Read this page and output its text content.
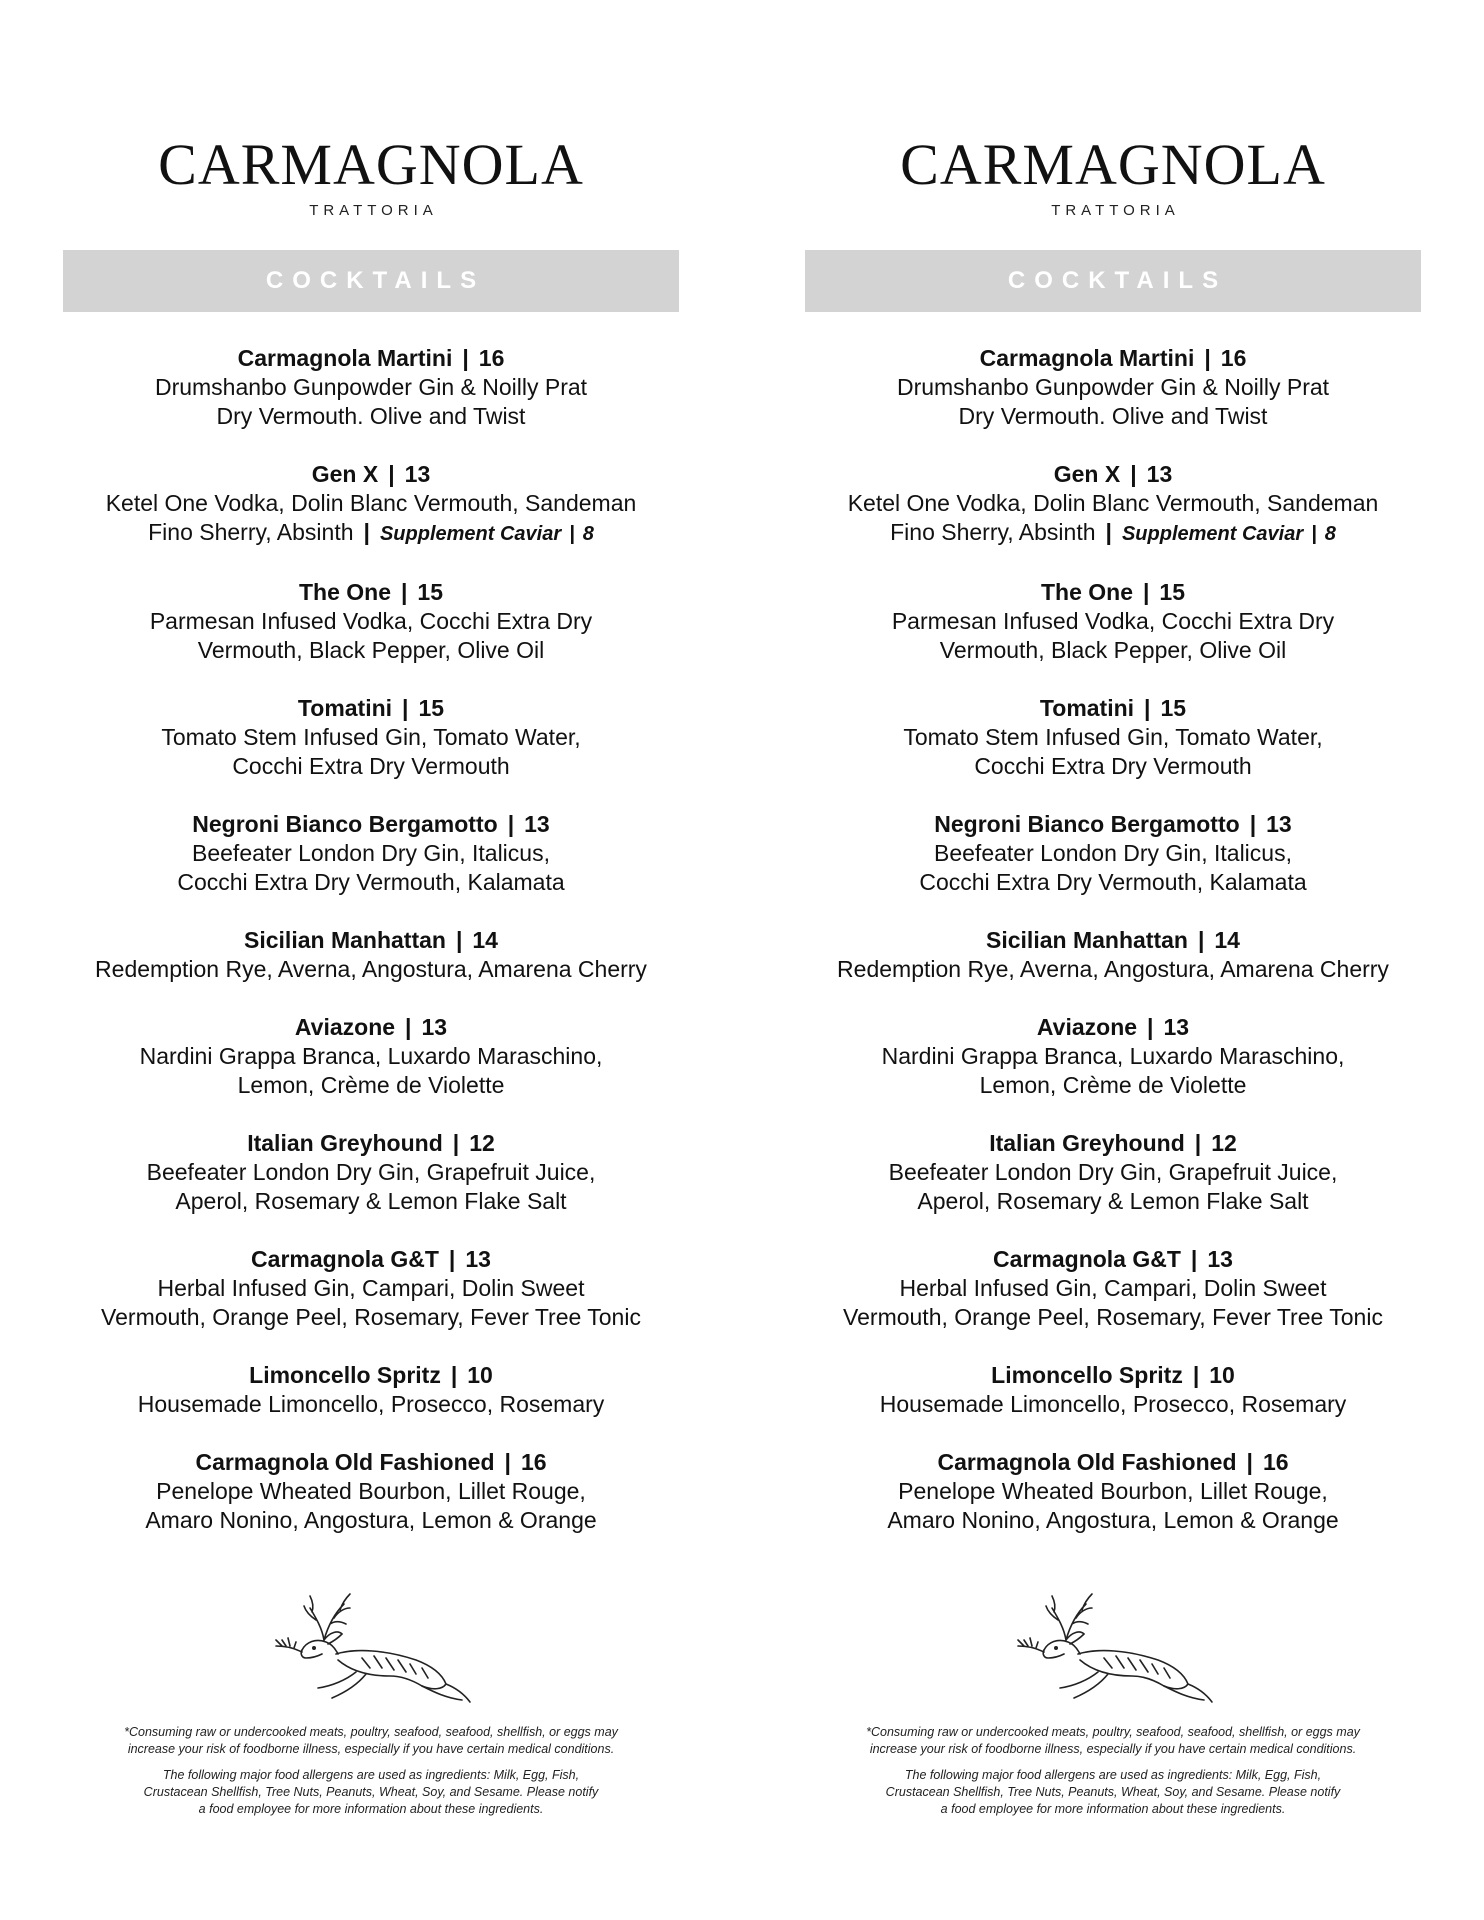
CARMAGNOLA
TRATTORIA
COCKTAILS
Carmagnola Martini | 16
Drumshanbo Gunpowder Gin & Noilly Prat
Dry Vermouth. Olive and Twist
Gen X | 13
Ketel One Vodka, Dolin Blanc Vermouth, Sandeman
Fino Sherry, Absinth | Supplement Caviar | 8
The One | 15
Parmesan Infused Vodka, Cocchi Extra Dry
Vermouth, Black Pepper, Olive Oil
Tomatini | 15
Tomato Stem Infused Gin, Tomato Water,
Cocchi Extra Dry Vermouth
Negroni Bianco Bergamotto | 13
Beefeater London Dry Gin, Italicus,
Cocchi Extra Dry Vermouth, Kalamata
Sicilian Manhattan | 14
Redemption Rye, Averna, Angostura, Amarena Cherry
Aviazone | 13
Nardini Grappa Branca, Luxardo Maraschino,
Lemon, Crème de Violette
Italian Greyhound | 12
Beefeater London Dry Gin, Grapefruit Juice,
Aperol, Rosemary & Lemon Flake Salt
Carmagnola G&T | 13
Herbal Infused Gin, Campari, Dolin Sweet
Vermouth, Orange Peel, Rosemary, Fever Tree Tonic
Limoncello Spritz | 10
Housemade Limoncello, Prosecco, Rosemary
Carmagnola Old Fashioned | 16
Penelope Wheated Bourbon, Lillet Rouge,
Amaro Nonino, Angostura, Lemon & Orange

*Consuming raw or undercooked meats, poultry, seafood, seafood, shellfish, or eggs may

increase your risk of foodborne illness, especially if you have certain medical conditions.

The following major food allergens are used as ingredients: Milk, Egg, Fish,

Crustacean Shellfish, Tree Nuts, Peanuts, Wheat, Soy, and Sesame. Please notify

a food employee for more information about these ingredients.

CARMAGNOLA
TRATTORIA
COCKTAILS
Carmagnola Martini | 16
Drumshanbo Gunpowder Gin & Noilly Prat
Dry Vermouth. Olive and Twist
Gen X | 13
Ketel One Vodka, Dolin Blanc Vermouth, Sandeman
Fino Sherry, Absinth | Supplement Caviar | 8
The One | 15
Parmesan Infused Vodka, Cocchi Extra Dry
Vermouth, Black Pepper, Olive Oil
Tomatini | 15
Tomato Stem Infused Gin, Tomato Water,
Cocchi Extra Dry Vermouth
Negroni Bianco Bergamotto | 13
Beefeater London Dry Gin, Italicus,
Cocchi Extra Dry Vermouth, Kalamata
Sicilian Manhattan | 14
Redemption Rye, Averna, Angostura, Amarena Cherry
Aviazone | 13
Nardini Grappa Branca, Luxardo Maraschino,
Lemon, Crème de Violette
Italian Greyhound | 12
Beefeater London Dry Gin, Grapefruit Juice,
Aperol, Rosemary & Lemon Flake Salt
Carmagnola G&T | 13
Herbal Infused Gin, Campari, Dolin Sweet
Vermouth, Orange Peel, Rosemary, Fever Tree Tonic
Limoncello Spritz | 10
Housemade Limoncello, Prosecco, Rosemary
Carmagnola Old Fashioned | 16
Penelope Wheated Bourbon, Lillet Rouge,
Amaro Nonino, Angostura, Lemon & Orange

*Consuming raw or undercooked meats, poultry, seafood, seafood, shellfish, or eggs may

increase your risk of foodborne illness, especially if you have certain medical conditions.

The following major food allergens are used as ingredients: Milk, Egg, Fish,

Crustacean Shellfish, Tree Nuts, Peanuts, Wheat, Soy, and Sesame. Please notify

a food employee for more information about these ingredients.
